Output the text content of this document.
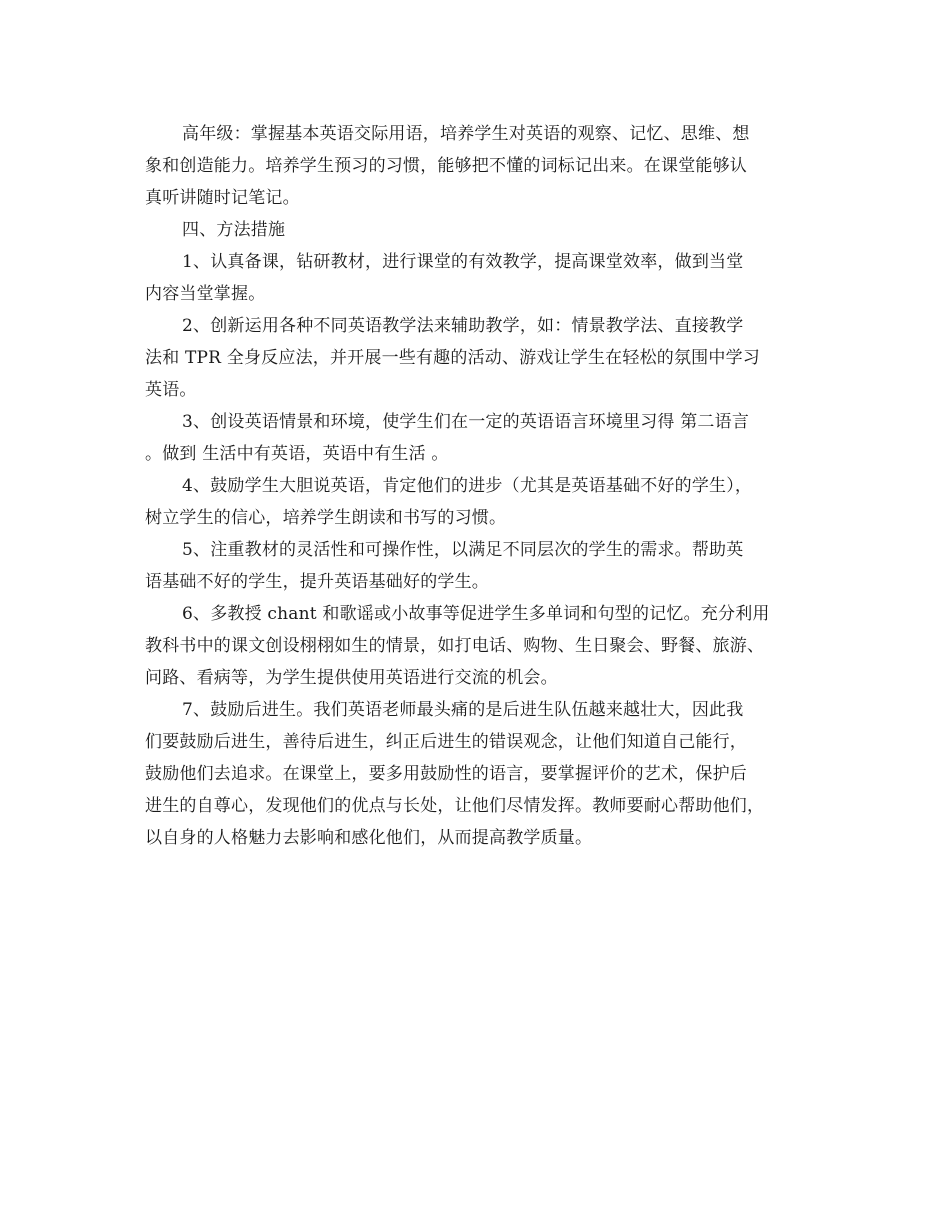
高年级：掌握基本英语交际用语，培养学生对英语的观察、记忆、思维、想
象和创造能力。培养学生预习的习惯，能够把不懂的词标记出来。在课堂能够认
真听讲随时记笔记。

四、方法措施

1、认真备课，钻研教材，进行课堂的有效教学，提高课堂效率，做到当堂
内容当堂掌握。

2、创新运用各种不同英语教学法来辅助教学，如：情景教学法、直接教学
法和 TPR 全身反应法，并开展一些有趣的活动、游戏让学生在轻松的氛围中学习
英语。

3、创设英语情景和环境，使学生们在一定的英语语言环境里习得 第二语言
。做到 生活中有英语，英语中有生活 。

4、鼓励学生大胆说英语，肯定他们的进步（尤其是英语基础不好的学生），
树立学生的信心，培养学生朗读和书写的习惯。

5、注重教材的灵活性和可操作性，以满足不同层次的学生的需求。帮助英
语基础不好的学生，提升英语基础好的学生。

6、多教授 chant 和歌谣或小故事等促进学生多单词和句型的记忆。充分利用
教科书中的课文创设栩栩如生的情景，如打电话、购物、生日聚会、野餐、旅游、
问路、看病等，为学生提供使用英语进行交流的机会。

7、鼓励后进生。我们英语老师最头痛的是后进生队伍越来越壮大，因此我
们要鼓励后进生，善待后进生，纠正后进生的错误观念，让他们知道自己能行，
鼓励他们去追求。在课堂上，要多用鼓励性的语言，要掌握评价的艺术，保护后
进生的自尊心，发现他们的优点与长处，让他们尽情发挥。教师要耐心帮助他们，
以自身的人格魅力去影响和感化他们，从而提高教学质量。
